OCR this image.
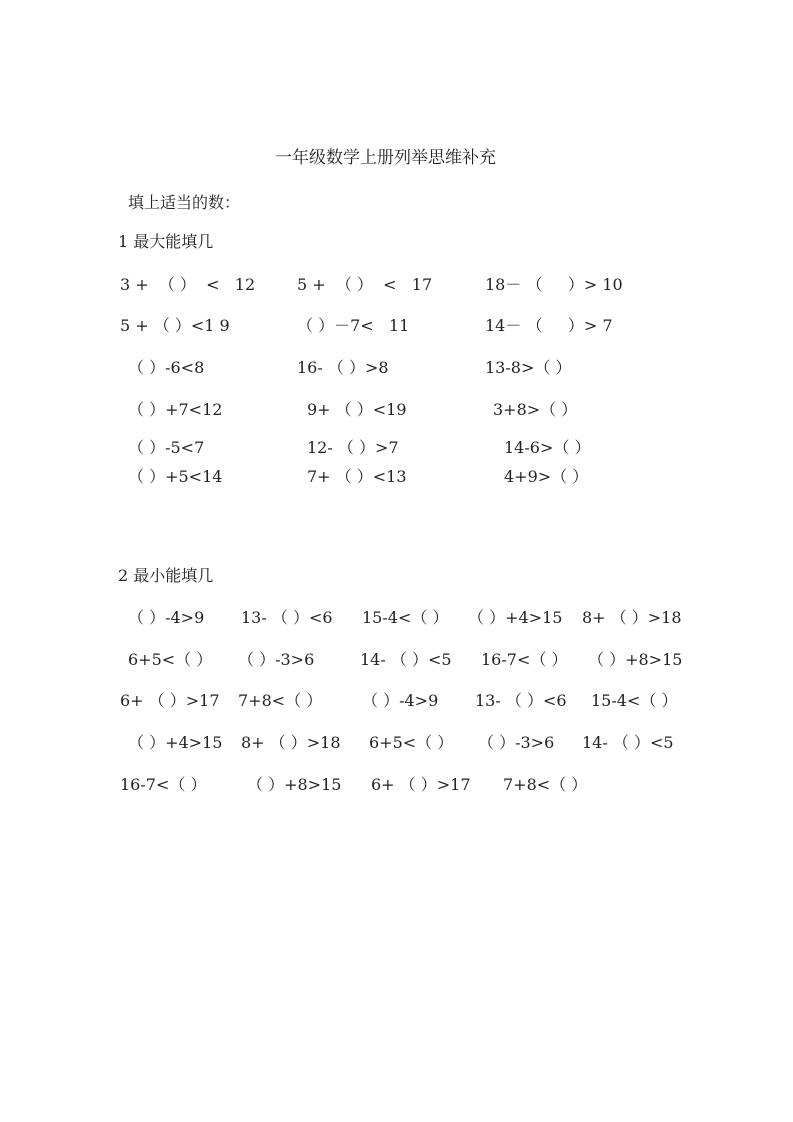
一年级数学上册列举思维补充
填上适当的数：
1 最大能填几
3 +  （ ）  <   12	5 +  （ ）  <   17	18－ （     ）> 10
5 + （ ）<1 9	（ ）－7<   11	14－ （     ）> 7
（ ）-6<8	16- （ ）>8	13-8>（ ）
（ ）+7<12	9+ （ ）<19	3+8>（ ）
（ ）-5<7	12- （ ）>7	14-6>（ ）
（ ）+5<14	7+ （ ）<13	4+9>（ ）
2 最小能填几
（ ）-4>9 13- （ ）<6 15-4<（ ） （ ）+4>15 8+ （ ）>18
6+5<（ ） （ ）-3>6	14- （ ）<5 16-7<（ ） （ ）+8>15
6+ （ ）>17 7+8<（ ） （ ）-4>9 13- （ ）<6 15-4<（ ）
（ ）+4>15 8+ （ ）>18 6+5<（ ） （ ）-3>6 14- （ ）<5
16-7<（ ）	（ ）+8>15 6+ （ ）>17 7+8<（ ）
